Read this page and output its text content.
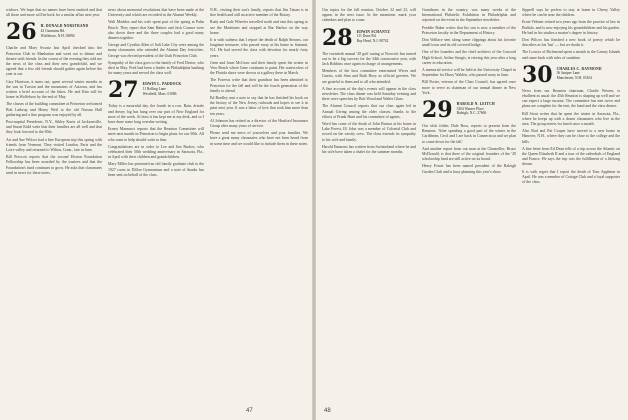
widows. We hope that no names have been omitted and that all those and more will be back for a similar affair next year.

26 H. DONALD NORSTRAND
43 Cummins Rd.
Wolfeboro, N.H. 03894

Charlie and Mary Swartz last April checked into the Princeton Club in Manhattan and went out to dinner and theatre with friends. In the course of the evening they told me the news of the class and their new grandchild, and we agreed that a few old friends should gather again before the year is out.

Cary Harrison, it turns out, spent several winter months in the sun in Tucson and the mountains of Arizona, and has written a brief account of the hikes. He and Rita will be home in Wolfeboro by the end of May.

The classes of the building committee at Princeton welcomed Bob Lathrop and Henry Weil to the old Nassau Hall gathering and a fine program was enjoyed by all.

Post-nuptial Presidents: N.Y., Sibley Kurtz of Jacksonville, and Stuart Kidd write that their families are all well and that they look forward to the 65th.

Art and Sue Wilcox had a fine European trip this spring with friends from Vermont. They visited London, Paris and the Loire valley and returned to Wilton, Conn., late in June.

Bill Prescott reports that the second Horton Foundation Fellowship has been awarded by the trustees and that the Foundation's fund continues to grow. He asks that classmates send in news for these notes.

news about memorial resolutions that have been made at the University and which are recorded in the Alumni Weekly.

Walt Maddox and his wife spent part of the spring at Palm Beach. They report that Sam Haines and Jack Connor were also down there and the three couples had a good many dinners together.

George and Cynthia Allen of Salt Lake City were among the many classmates who attended the Alumni Day festivities. George was elected president of the Utah Princeton Club.

Sympathy of the class goes to the family of Fred Dexter, who died in May. Fred had been a leader in Philadelphia banking for many years and served the class well.

27 EDWIN L. PADDOCK
11 Rolling Lane
Westfield, Mass. 01086

Today is a mournful day, the fourth in a row. Rain, drizzle and dreary fog has hung over our part of New England for most of the week. At least it has kept me at my desk, and so I have done some long overdue writing.

Ernest Mannucci reports that the Reunion Committee will meet next month in Princeton to begin plans for our 50th. All who want to help should write to him.

Congratulations are in order to Lee and Jim Barlow, who celebrated their 50th wedding anniversary in Sarasota, Fla., in April with their children and grandchildren.

Mary Miller has presented an old family graduate club to the 1927 room in Dillon Gymnasium and a note of thanks has been sent on behalf of the class.

N.H., visiting their son's family, reports that Jim Tatum is in fine health and still an active member of the Rotary.

Rudy and Gale Wheeler travelled north and east this spring to see the Maritimes and stopped at Bar Harbor on the way home.

It is with sadness that I report the death of Ralph Stearns, our longtime treasurer, who passed away at his home in Summit, N.J. He had served the class with devotion for nearly forty years.

Gene and Janet McGraw and their family spent the winter in Vero Beach where Gene continues to paint. His watercolors of the Florida shore were shown at a gallery there in March.

The Forrests write that their grandson has been admitted to Princeton for the fall and will be the fourth generation of the family to attend.

Ed Bradley sent a note to say that he has finished his book on the history of the New Jersey railroads and hopes to see it in print next year. It was a labor of love that took him more than ten years.

Al Johnson has retired as a director of the Hartford Insurance Group after many years of service.

Please send me news of yourselves and your families. We have a great many classmates who have not been heard from in some time and we would like to include them in these notes.

47

Our topics for the fall reunion, October 22 and 23, will appear in the next issue. In the meantime, mark your calendars and plan to come.

28 EDWIN SCHANTZ
111 Dune Rd.
Bay Head, N.J. 08742

The twentieth annual '28 golf outing at Norwich Inn turned out to be a big success for the 34th consecutive year, with Jack Robbins once again in charge of arrangements.

Members of the host committee entertained Wives and Guests, with Stan and Ruth Hoey as official greeters. We are grateful to them and to all who attended.

A fine account of the day's events will appear in the class newsletter. The class dinner was held Saturday evening and there were speeches by Bob Wood and Walter Glass.

The Alumni Council reports that our class again led in Annual Giving among the older classes, thanks to the efforts of Frank Hunt and his committee of agents.

Word has come of the death of John Burton at his home in Lake Forest, Ill. John was a member of Colonial Club and rowed on the varsity crew. The class extends its sympathy to his wife and family.

Harold Emmons has written from Switzerland where he and his wife have taken a chalet for the summer months.

Grandsons in the country, was many weeks at the International Philatelic Exhibition in Philadelphia and reported on the event in the September newsletter.

Freddie Baker writes that his son is now a member of the Princeton faculty in the Department of History.

Don Wallace sent along some clippings about his favorite small town and its old covered bridge.

One of the founders and the chief architect of the Concord High School, Arthur Sturgis, is retiring this year after a long career in education.

A memorial service will be held at the University Chapel in September for Harry Walden, who passed away in June.

Bill Porter, veteran of the Class Council, has agreed once more to serve as chairman of our annual dinner in New York.

29 HAROLD N. LEITCH
3304 Warner Place
Raleigh, N.C. 27606

Our slick folder, Dale Ross, reports to present from the Reunion: 'After spending a good part of the winter in the Caribbean, Cecil and I are back in Connecticut and we plan to come down for the fall.'

And another report from our man at the Chancellor, Bruce McDonald, is that three of the original founders of the '29 scholarship fund are still active on its board.

Henry Foster has been named president of the Raleigh Garden Club and is busy planning this year's show.

Sipprell says he prefers to stay at home in Cherry Valley where he can be near the children.

Ernie Veltmer retired two years ago from the practice of law in Buffalo, and is now enjoying his grandchildren and his garden. He had in his studies a master's degree in history.

Don Wilcox has finished a new book of poetry which he describes as his 'last' — but we doubt it.

The Lowrys of Richmond spent a month in the Canary Islands and came back with tales of sunshine.

30 CHARLES C. RAYMOND
36 Juniper Lane
Manchester, N.H. 03104

News from our Reunion chairman, Charlie Weaver, is ebullient as usual: the 45th Reunion is shaping up well and we can expect a large turnout. The committee has met twice and plans are complete for the tent, the band and the class dinner.

Bill Stout writes that he spent the winter in Sarasota, Fla., where he keeps up with a dozen classmates who live in the area. The group meets for lunch once a month.

Also Bud and Pat Cooper have moved to a new home in Hanover, N.H., where they can be close to the college and the hills.

A fine letter from Ed Dean tells of a trip across the Atlantic on the Queen Elizabeth II and a tour of the cathedrals of England and France. He says the trip was the fulfillment of a lifelong dream.

It is with regret that I report the death of Tom Appleton in April. He was a member of Cottage Club and a loyal supporter of the class.

48
